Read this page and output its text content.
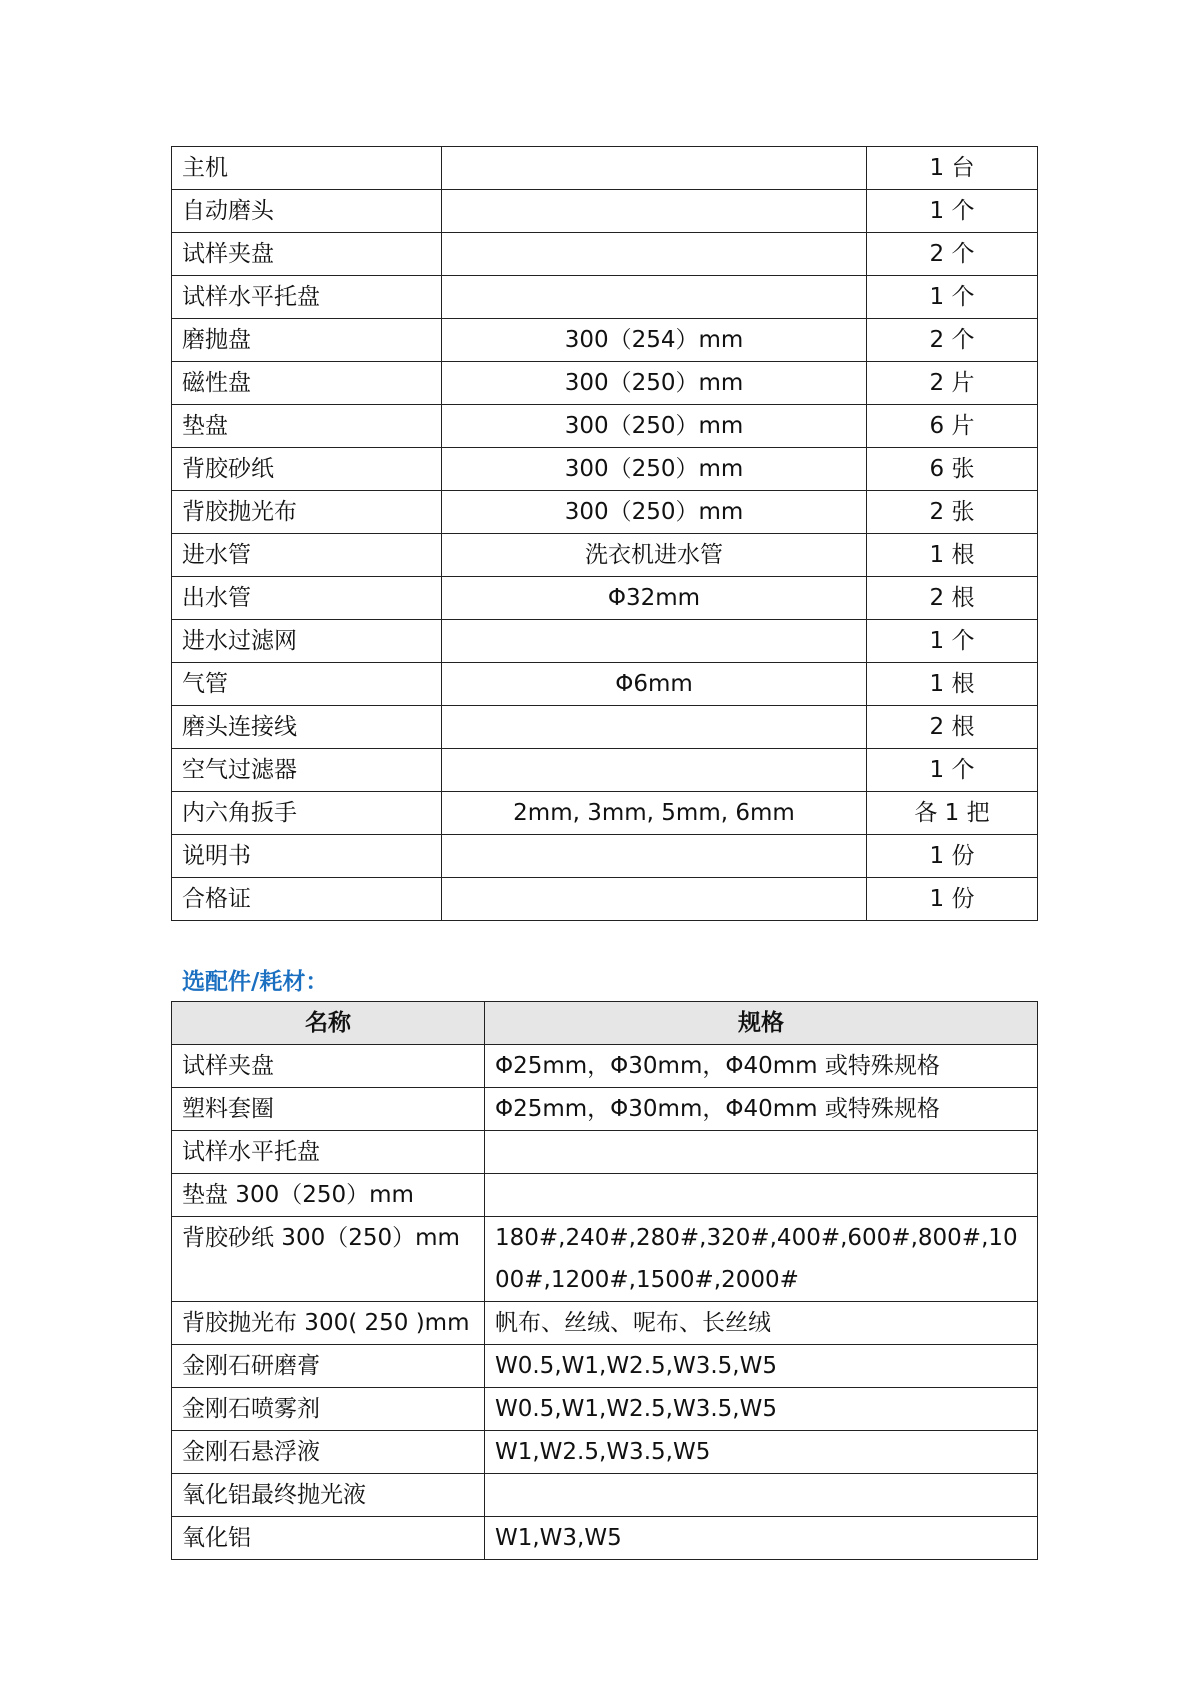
主机		1 台
自动磨头		1 个
试样夹盘		2 个
试样水平托盘		1 个
磨抛盘	300（254）mm	2 个
磁性盘	300（250）mm	2 片
垫盘	300（250）mm	6 片
背胶砂纸	300（250）mm	6 张
背胶抛光布	300（250）mm	2 张
进水管	洗衣机进水管	1 根
出水管	Φ32mm	2 根
进水过滤网		1 个
气管	Φ6mm	1 根
磨头连接线		2 根
空气过滤器		1 个
内六角扳手	2mm, 3mm, 5mm, 6mm	各 1 把
说明书		1 份
合格证		1 份
选配件/耗材：
名称	规格
试样夹盘	Φ25mm，Φ30mm，Φ40mm 或特殊规格
塑料套圈	Φ25mm，Φ30mm，Φ40mm 或特殊规格
试样水平托盘	
垫盘 300（250）mm	
背胶砂纸 300（250）mm	180#,240#,280#,320#,400#,600#,800#,1000#,1200#,1500#,2000#
背胶抛光布 300( 250 )mm	帆布、丝绒、呢布、长丝绒
金刚石研磨膏	W0.5,W1,W2.5,W3.5,W5
金刚石喷雾剂	W0.5,W1,W2.5,W3.5,W5
金刚石悬浮液	W1,W2.5,W3.5,W5
氧化铝最终抛光液	
氧化铝	W1,W3,W5
